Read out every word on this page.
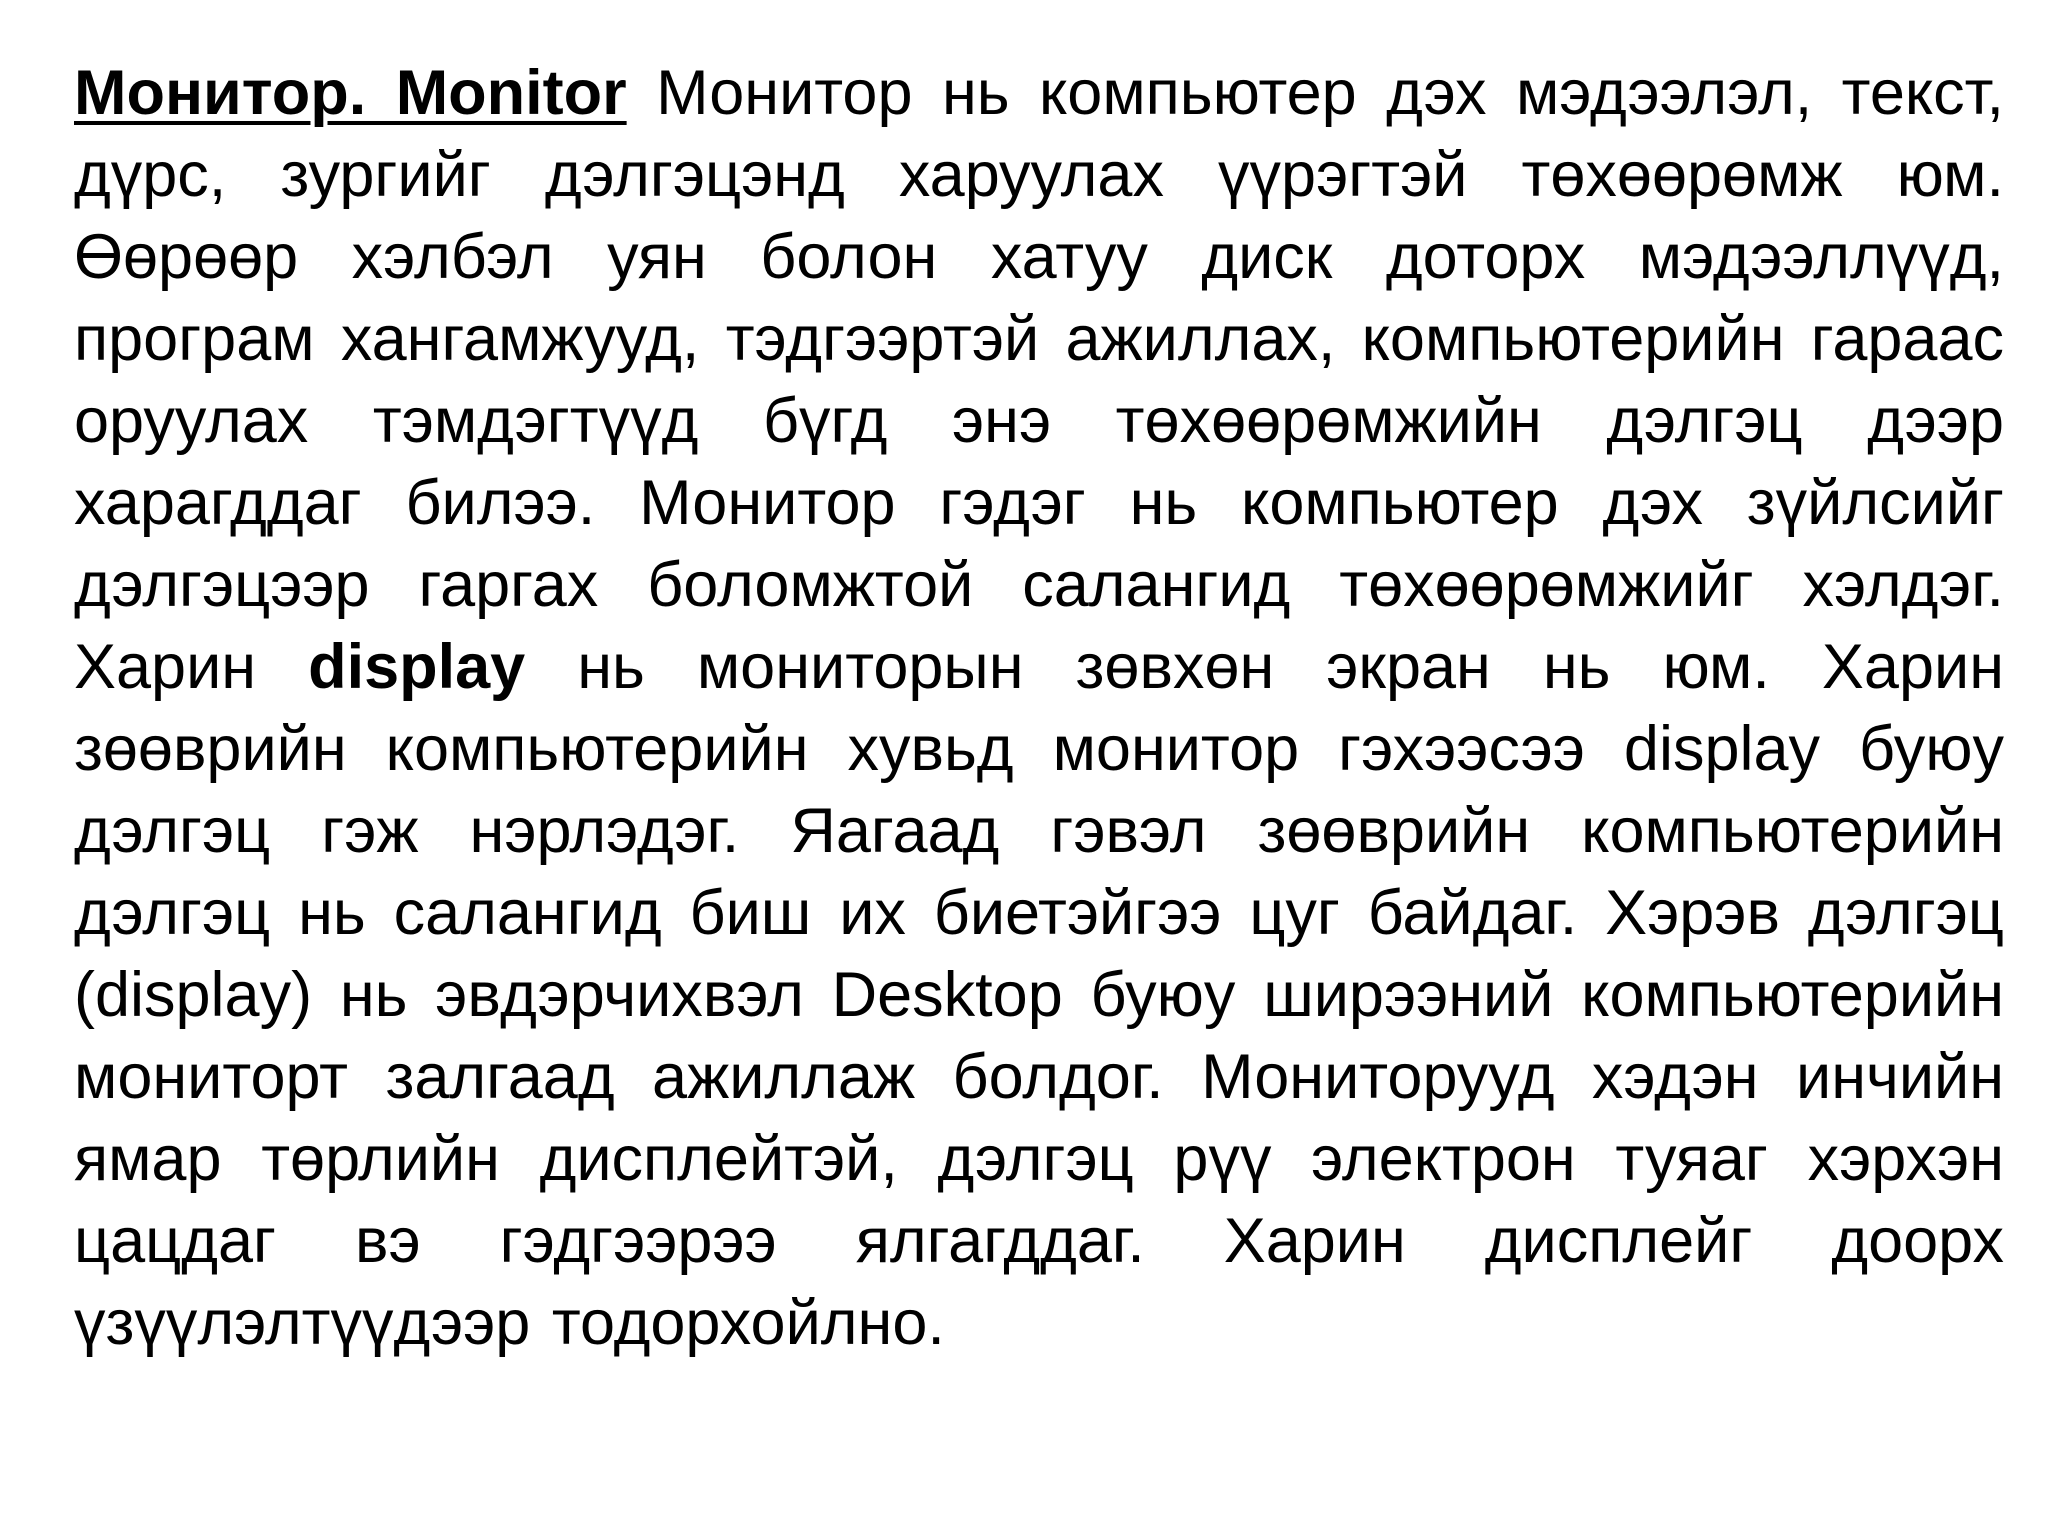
Монитор. Monitor Монитор нь компьютер дэх мэдээлэл, текст, дүрс, зургийг дэлгэцэнд харуулах үүрэгтэй төхөөрөмж юм. Өөрөөр хэлбэл уян болон хатуу диск доторх мэдээллүүд, програм хангамжууд, тэдгээртэй ажиллах, компьютерийн гараас оруулах тэмдэгтүүд бүгд энэ төхөөрөмжийн дэлгэц дээр харагддаг билээ. Монитор гэдэг нь компьютер дэх зүйлсийг дэлгэцээр гаргах боломжтой салангид төхөөрөмжийг хэлдэг. Харин display нь мониторын зөвхөн экран нь юм. Харин зөөврийн компьютерийн хувьд монитор гэхээсээ display буюу дэлгэц гэж нэрлэдэг. Яагаад гэвэл зөөврийн компьютерийн дэлгэц нь салангид биш их биетэйгээ цуг байдаг. Хэрэв дэлгэц (display) нь эвдэрчихвэл Desktop буюу ширээний компьютерийн мониторт залгаад ажиллаж болдог. Мониторууд хэдэн инчийн ямар төрлийн дисплейтэй, дэлгэц рүү электрон туяаг хэрхэн цацдаг вэ гэдгээрээ ялгагддаг. Харин дисплейг доорх үзүүлэлтүүдээр тодорхойлно.
